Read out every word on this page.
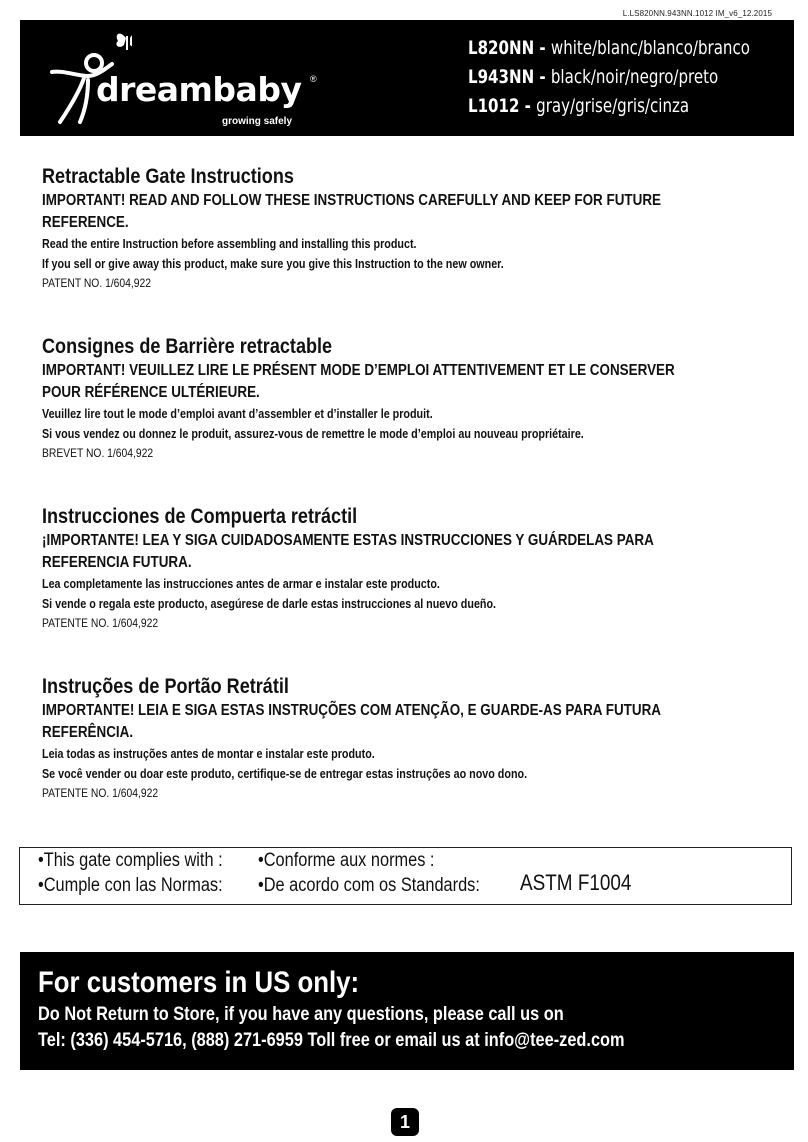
L.LS820NN.943NN.1012 IM_v6_12.2015
dreambaby ®
growing safely
L820NN - white/blanc/blanco/branco
L943NN - black/noir/negro/preto
L1012 - gray/grise/gris/cinza
Retractable Gate Instructions
IMPORTANT! READ AND FOLLOW THESE INSTRUCTIONS CAREFULLY AND KEEP FOR FUTURE REFERENCE.
Read the entire Instruction before assembling and installing this product.
If you sell or give away this product, make sure you give this Instruction to the new owner.
PATENT NO. 1/604,922
Consignes de Barrière retractable
IMPORTANT! VEUILLEZ LIRE LE PRÉSENT MODE D’EMPLOI ATTENTIVEMENT ET LE CONSERVER POUR RÉFÉRENCE ULTÉRIEURE.
Veuillez lire tout le mode d’emploi avant d’assembler et d’installer le produit.
Si vous vendez ou donnez le produit, assurez-vous de remettre le mode d’emploi au nouveau propriétaire.
BREVET NO. 1/604,922
Instrucciones de Compuerta retráctil
¡IMPORTANTE! LEA Y SIGA CUIDADOSAMENTE ESTAS INSTRUCCIONES Y GUÁRDELAS PARA REFERENCIA FUTURA.
Lea completamente las instrucciones antes de armar e instalar este producto.
Si vende o regala este producto, asegúrese de darle estas instrucciones al nuevo dueño.
PATENTE NO. 1/604,922
Instruções de Portão Retrátil
IMPORTANTE! LEIA E SIGA ESTAS INSTRUÇÕES COM ATENÇÃO, E GUARDE-AS PARA FUTURA REFERÊNCIA.
Leia todas as instruções antes de montar e instalar este produto.
Se você vender ou doar este produto, certifique-se de entregar estas instruções ao novo dono.
PATENTE NO. 1/604,922
•This gate complies with : •Conforme aux normes :
•Cumple con las Normas: •De acordo com os Standards: ASTM F1004
For customers in US only:
Do Not Return to Store, if you have any questions, please call us on
Tel: (336) 454-5716, (888) 271-6959 Toll free or email us at info@tee-zed.com
1
